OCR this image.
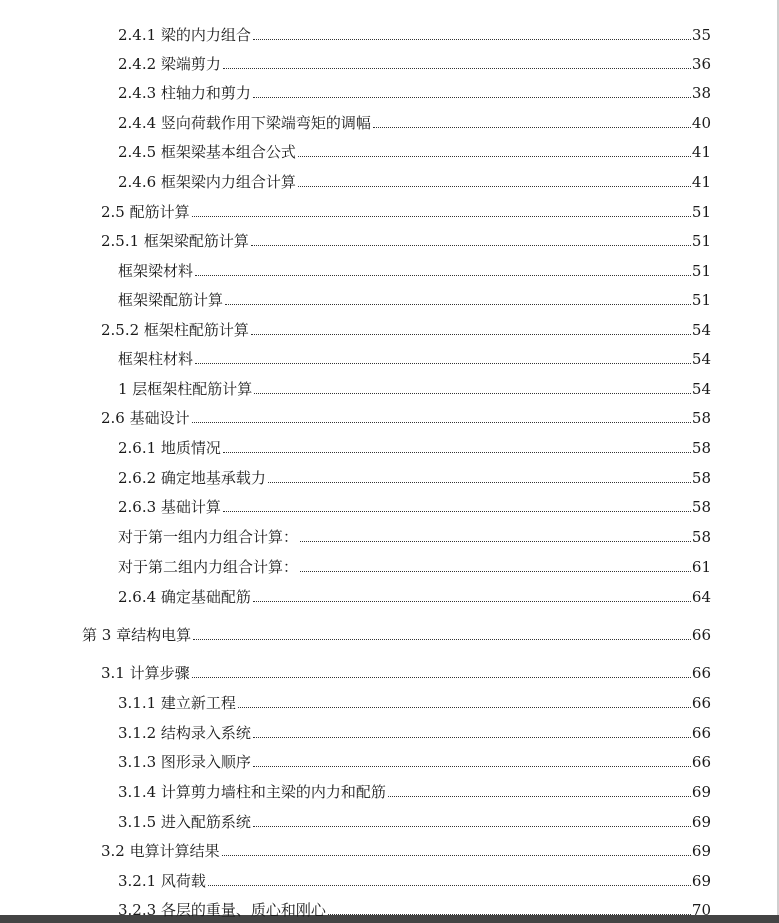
2.4.1 梁的内力组合	35
2.4.2 梁端剪力	36
2.4.3 柱轴力和剪力	38
2.4.4 竖向荷载作用下梁端弯矩的调幅	40
2.4.5 框架梁基本组合公式	41
2.4.6 框架梁内力组合计算	41
2.5 配筋计算	51
2.5.1 框架梁配筋计算	51
框架梁材料	51
框架梁配筋计算	51
2.5.2 框架柱配筋计算	54
框架柱材料	54
1 层框架柱配筋计算	54
2.6 基础设计	58
2.6.1 地质情况	58
2.6.2 确定地基承载力	58
2.6.3 基础计算	58
对于第一组内力组合计算：	58
对于第二组内力组合计算：	61
2.6.4 确定基础配筋	64
第 3 章结构电算	66
3.1 计算步骤	66
3.1.1 建立新工程	66
3.1.2 结构录入系统	66
3.1.3 图形录入顺序	66
3.1.4 计算剪力墙柱和主梁的内力和配筋	69
3.1.5 进入配筋系统	69
3.2 电算计算结果	69
3.2.1 风荷载	69
3.2.3 各层的重量、质心和刚心	70
